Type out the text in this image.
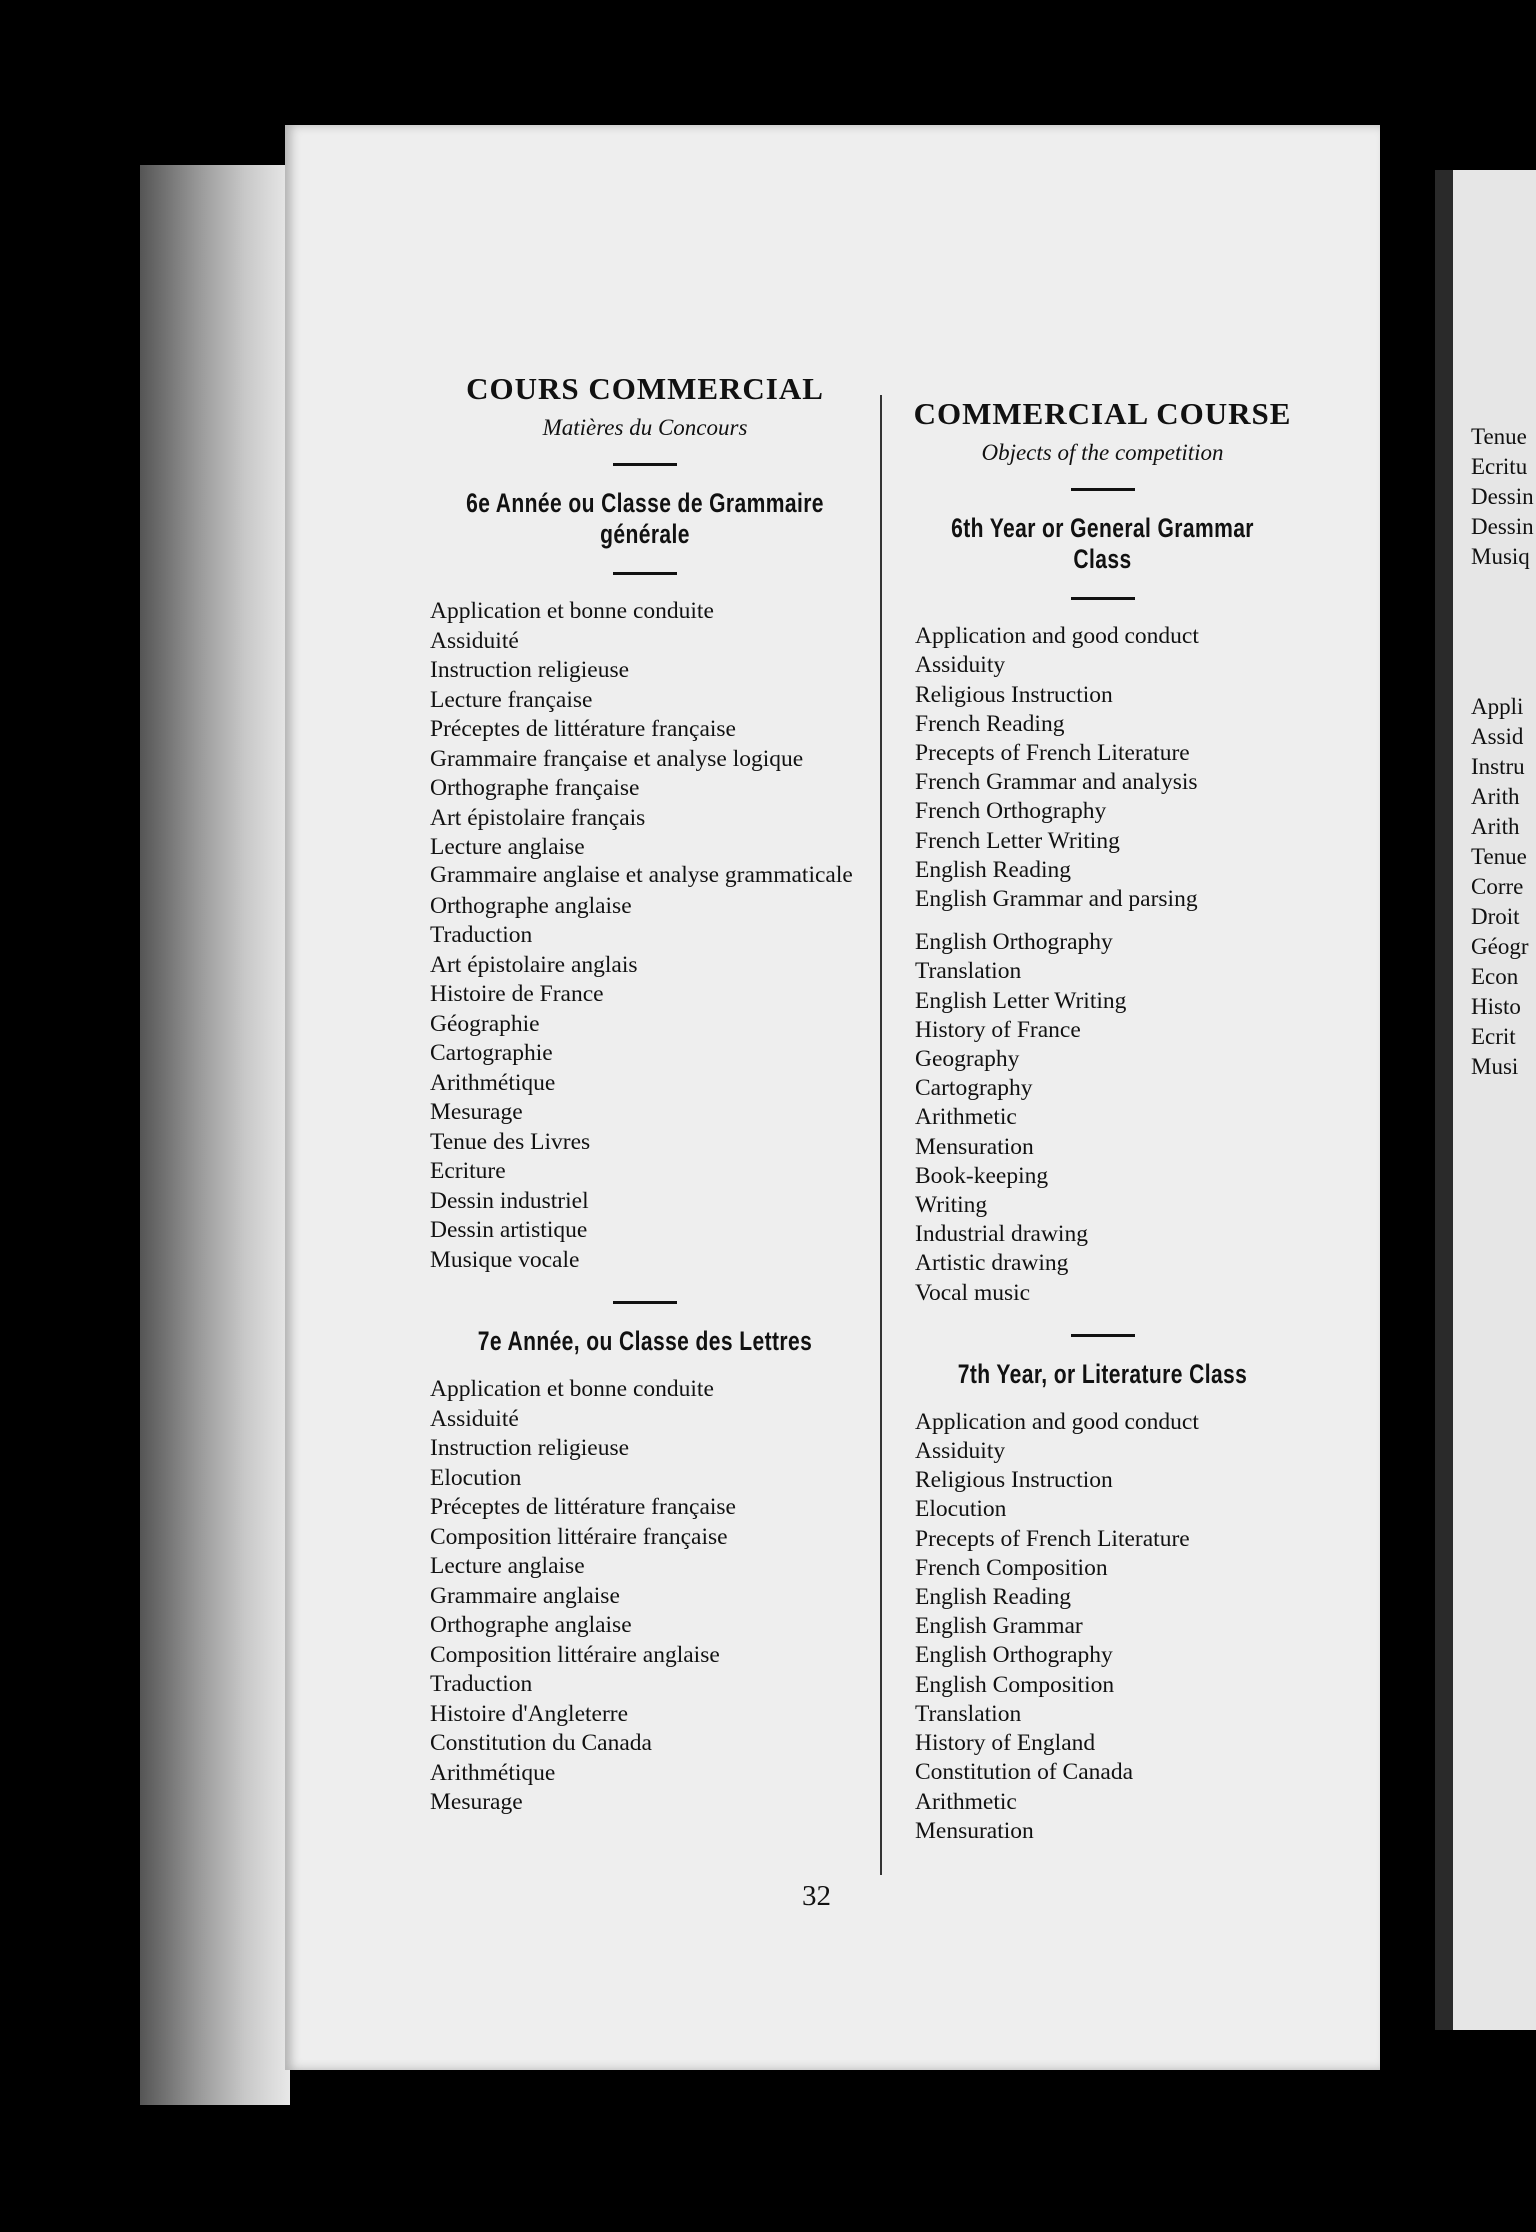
Tenue
Ecritu
Dessin
Dessin
Musiq
Appli
Assid
Instru
Arith
Arith
Tenue
Corre
Droit
Géogr
Econ
Histo
Ecrit
Musi
COURS COMMERCIAL

Matières du Concours

6e Année ou Classe de Grammaire générale
Application et bonne conduite
Assiduité
Instruction religieuse
Lecture française
Préceptes de littérature française
Grammaire française et analyse logique
Orthographe française
Art épistolaire français
Lecture anglaise
Grammaire anglaise et analyse grammaticale
Orthographe anglaise
Traduction
Art épistolaire anglais
Histoire de France
Géographie
Cartographie
Arithmétique
Mesurage
Tenue des Livres
Ecriture
Dessin industriel
Dessin artistique
Musique vocale
7e Année, ou Classe des Lettres
Application et bonne conduite
Assiduité
Instruction religieuse
Elocution
Préceptes de littérature française
Composition littéraire française
Lecture anglaise
Grammaire anglaise
Orthographe anglaise
Composition littéraire anglaise
Traduction
Histoire d'Angleterre
Constitution du Canada
Arithmétique
Mesurage
COMMERCIAL COURSE

Objects of the competition

6th Year or General Grammar Class
Application and good conduct
Assiduity
Religious Instruction
French Reading
Precepts of French Literature
French Grammar and analysis
French Orthography
French Letter Writing
English Reading
English Grammar and parsing
English Orthography
Translation
English Letter Writing
History of France
Geography
Cartography
Arithmetic
Mensuration
Book-keeping
Writing
Industrial drawing
Artistic drawing
Vocal music
7th Year, or Literature Class
Application and good conduct
Assiduity
Religious Instruction
Elocution
Precepts of French Literature
French Composition
English Reading
English Grammar
English Orthography
English Composition
Translation
History of England
Constitution of Canada
Arithmetic
Mensuration
32
